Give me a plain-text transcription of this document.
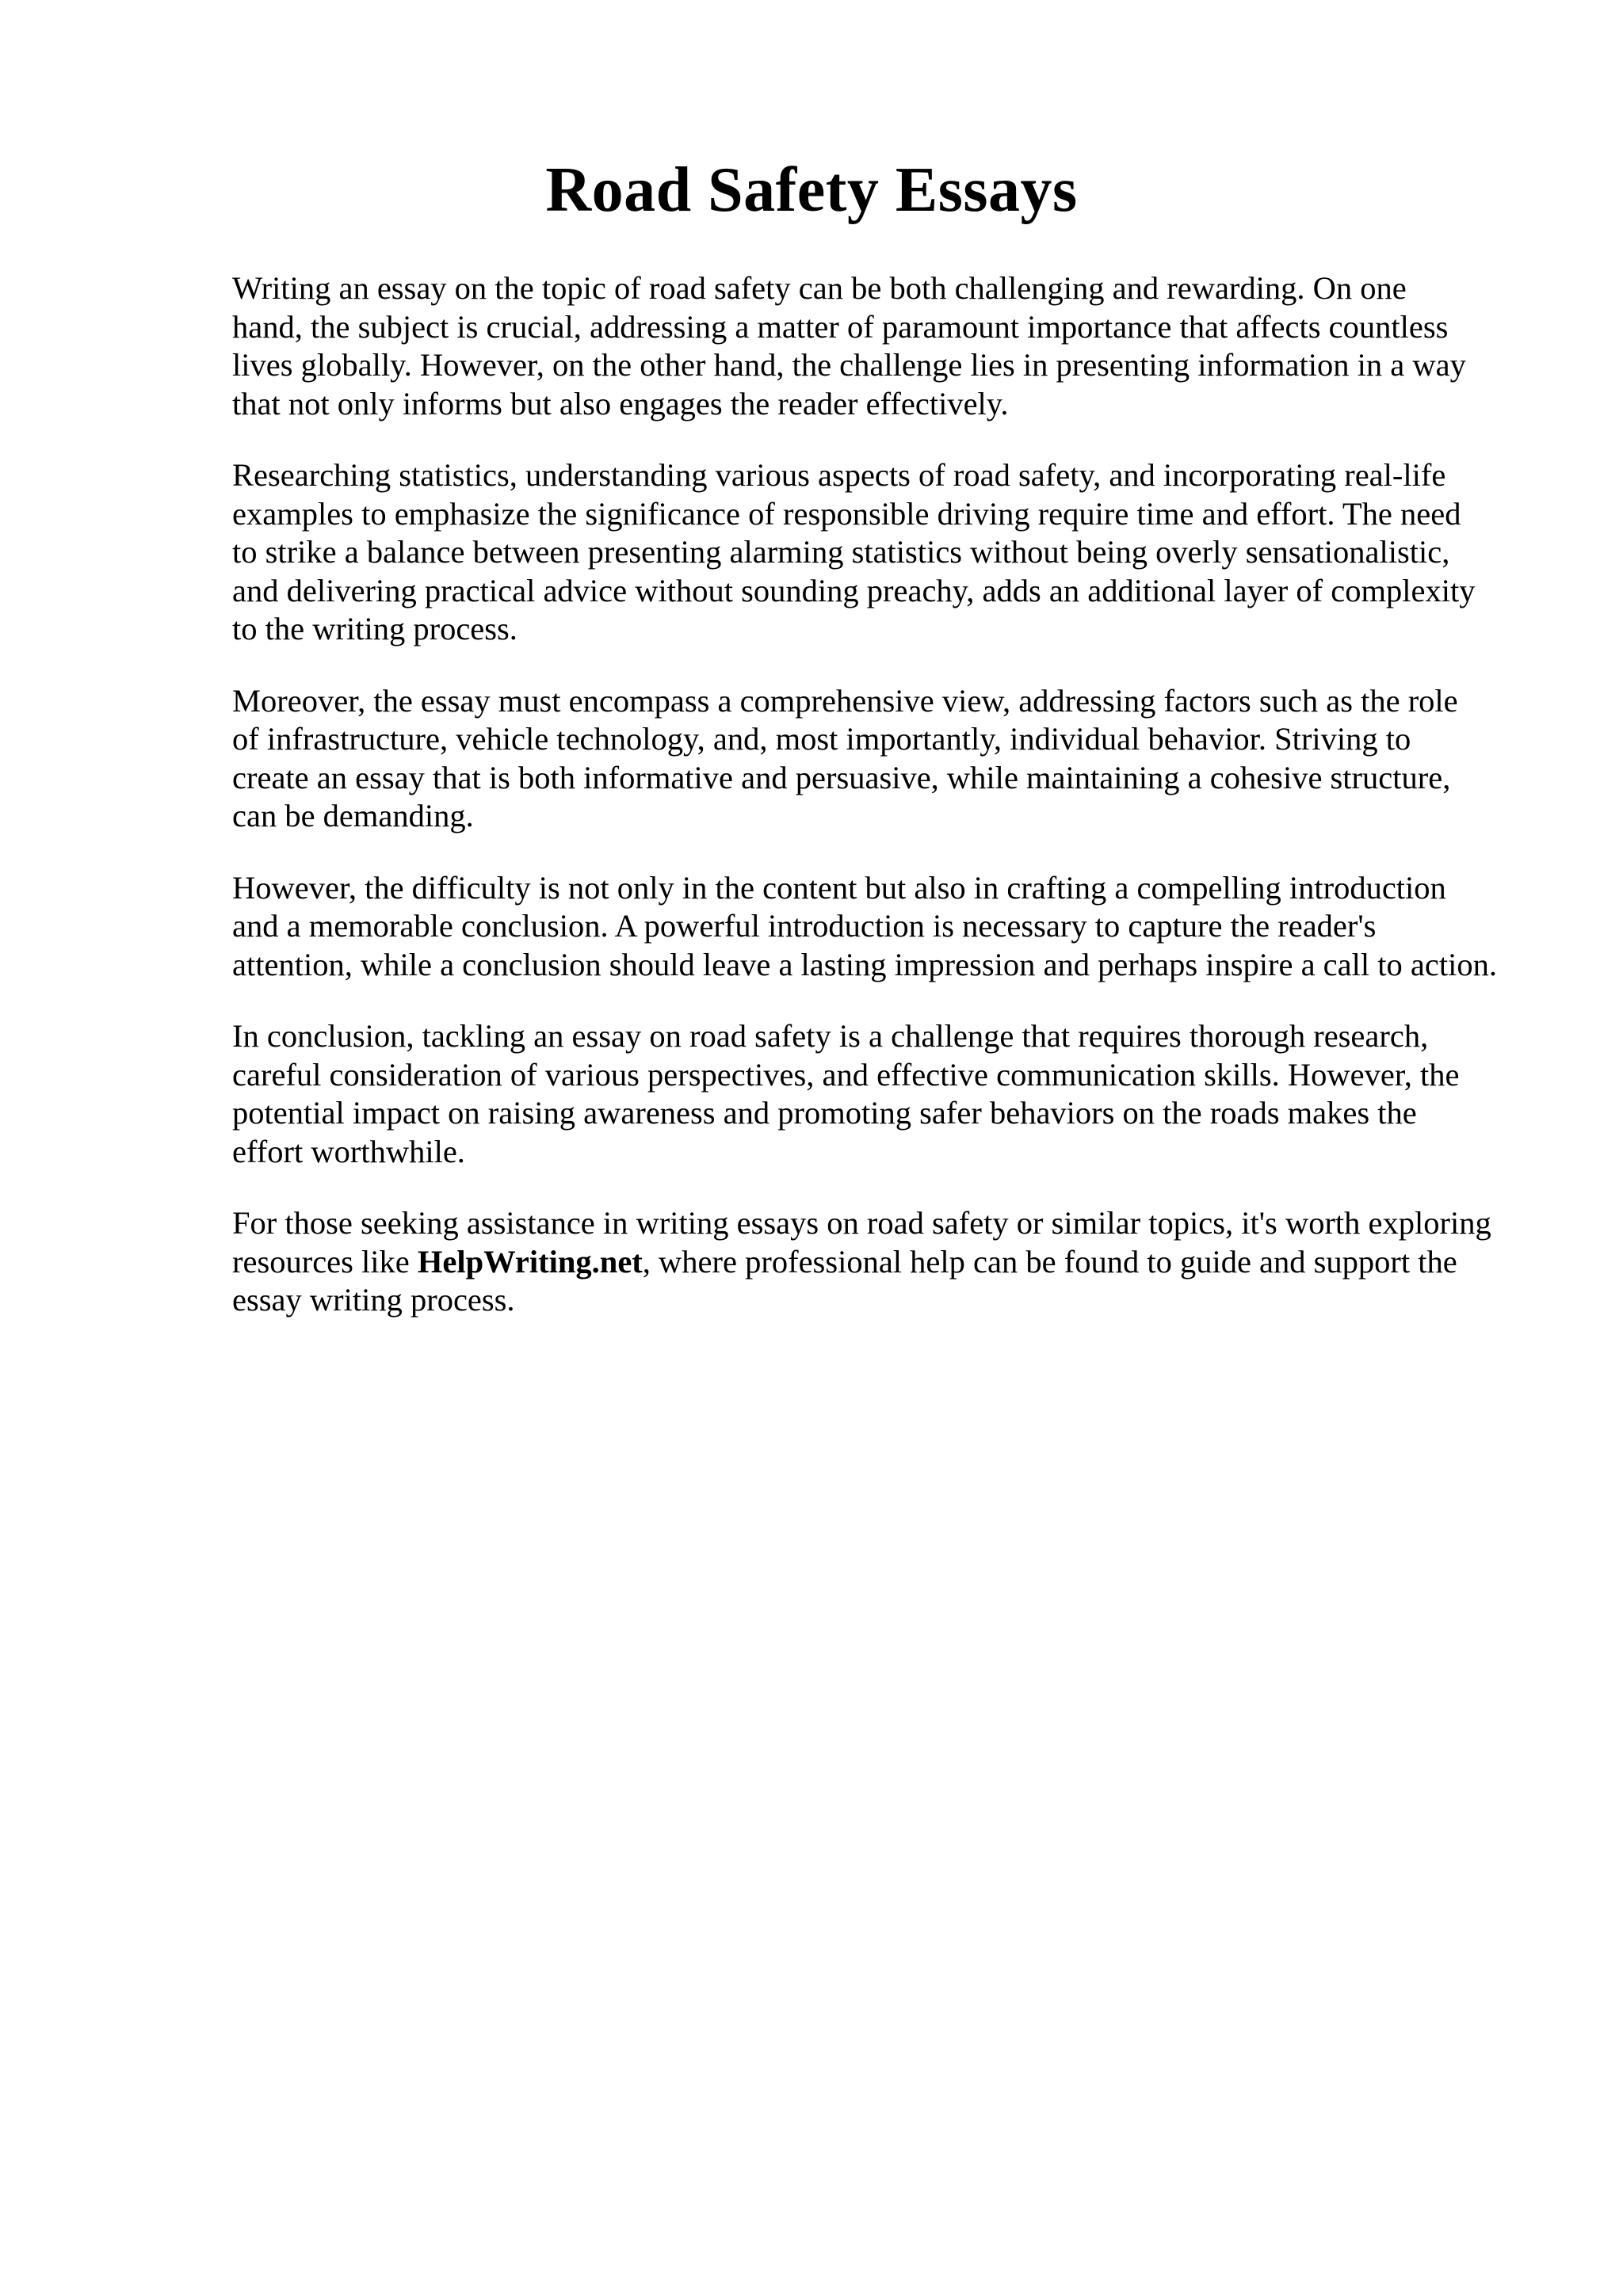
Road Safety Essays

Writing an essay on the topic of road safety can be both challenging and rewarding. On one
hand, the subject is crucial, addressing a matter of paramount importance that affects countless
lives globally. However, on the other hand, the challenge lies in presenting information in a way
that not only informs but also engages the reader effectively.

Researching statistics, understanding various aspects of road safety, and incorporating real-life
examples to emphasize the significance of responsible driving require time and effort. The need
to strike a balance between presenting alarming statistics without being overly sensationalistic,
and delivering practical advice without sounding preachy, adds an additional layer of complexity
to the writing process.

Moreover, the essay must encompass a comprehensive view, addressing factors such as the role
of infrastructure, vehicle technology, and, most importantly, individual behavior. Striving to
create an essay that is both informative and persuasive, while maintaining a cohesive structure,
can be demanding.

However, the difficulty is not only in the content but also in crafting a compelling introduction
and a memorable conclusion. A powerful introduction is necessary to capture the reader's
attention, while a conclusion should leave a lasting impression and perhaps inspire a call to action.

In conclusion, tackling an essay on road safety is a challenge that requires thorough research,
careful consideration of various perspectives, and effective communication skills. However, the
potential impact on raising awareness and promoting safer behaviors on the roads makes the
effort worthwhile.

For those seeking assistance in writing essays on road safety or similar topics, it's worth exploring
resources like HelpWriting.net, where professional help can be found to guide and support the
essay writing process.
